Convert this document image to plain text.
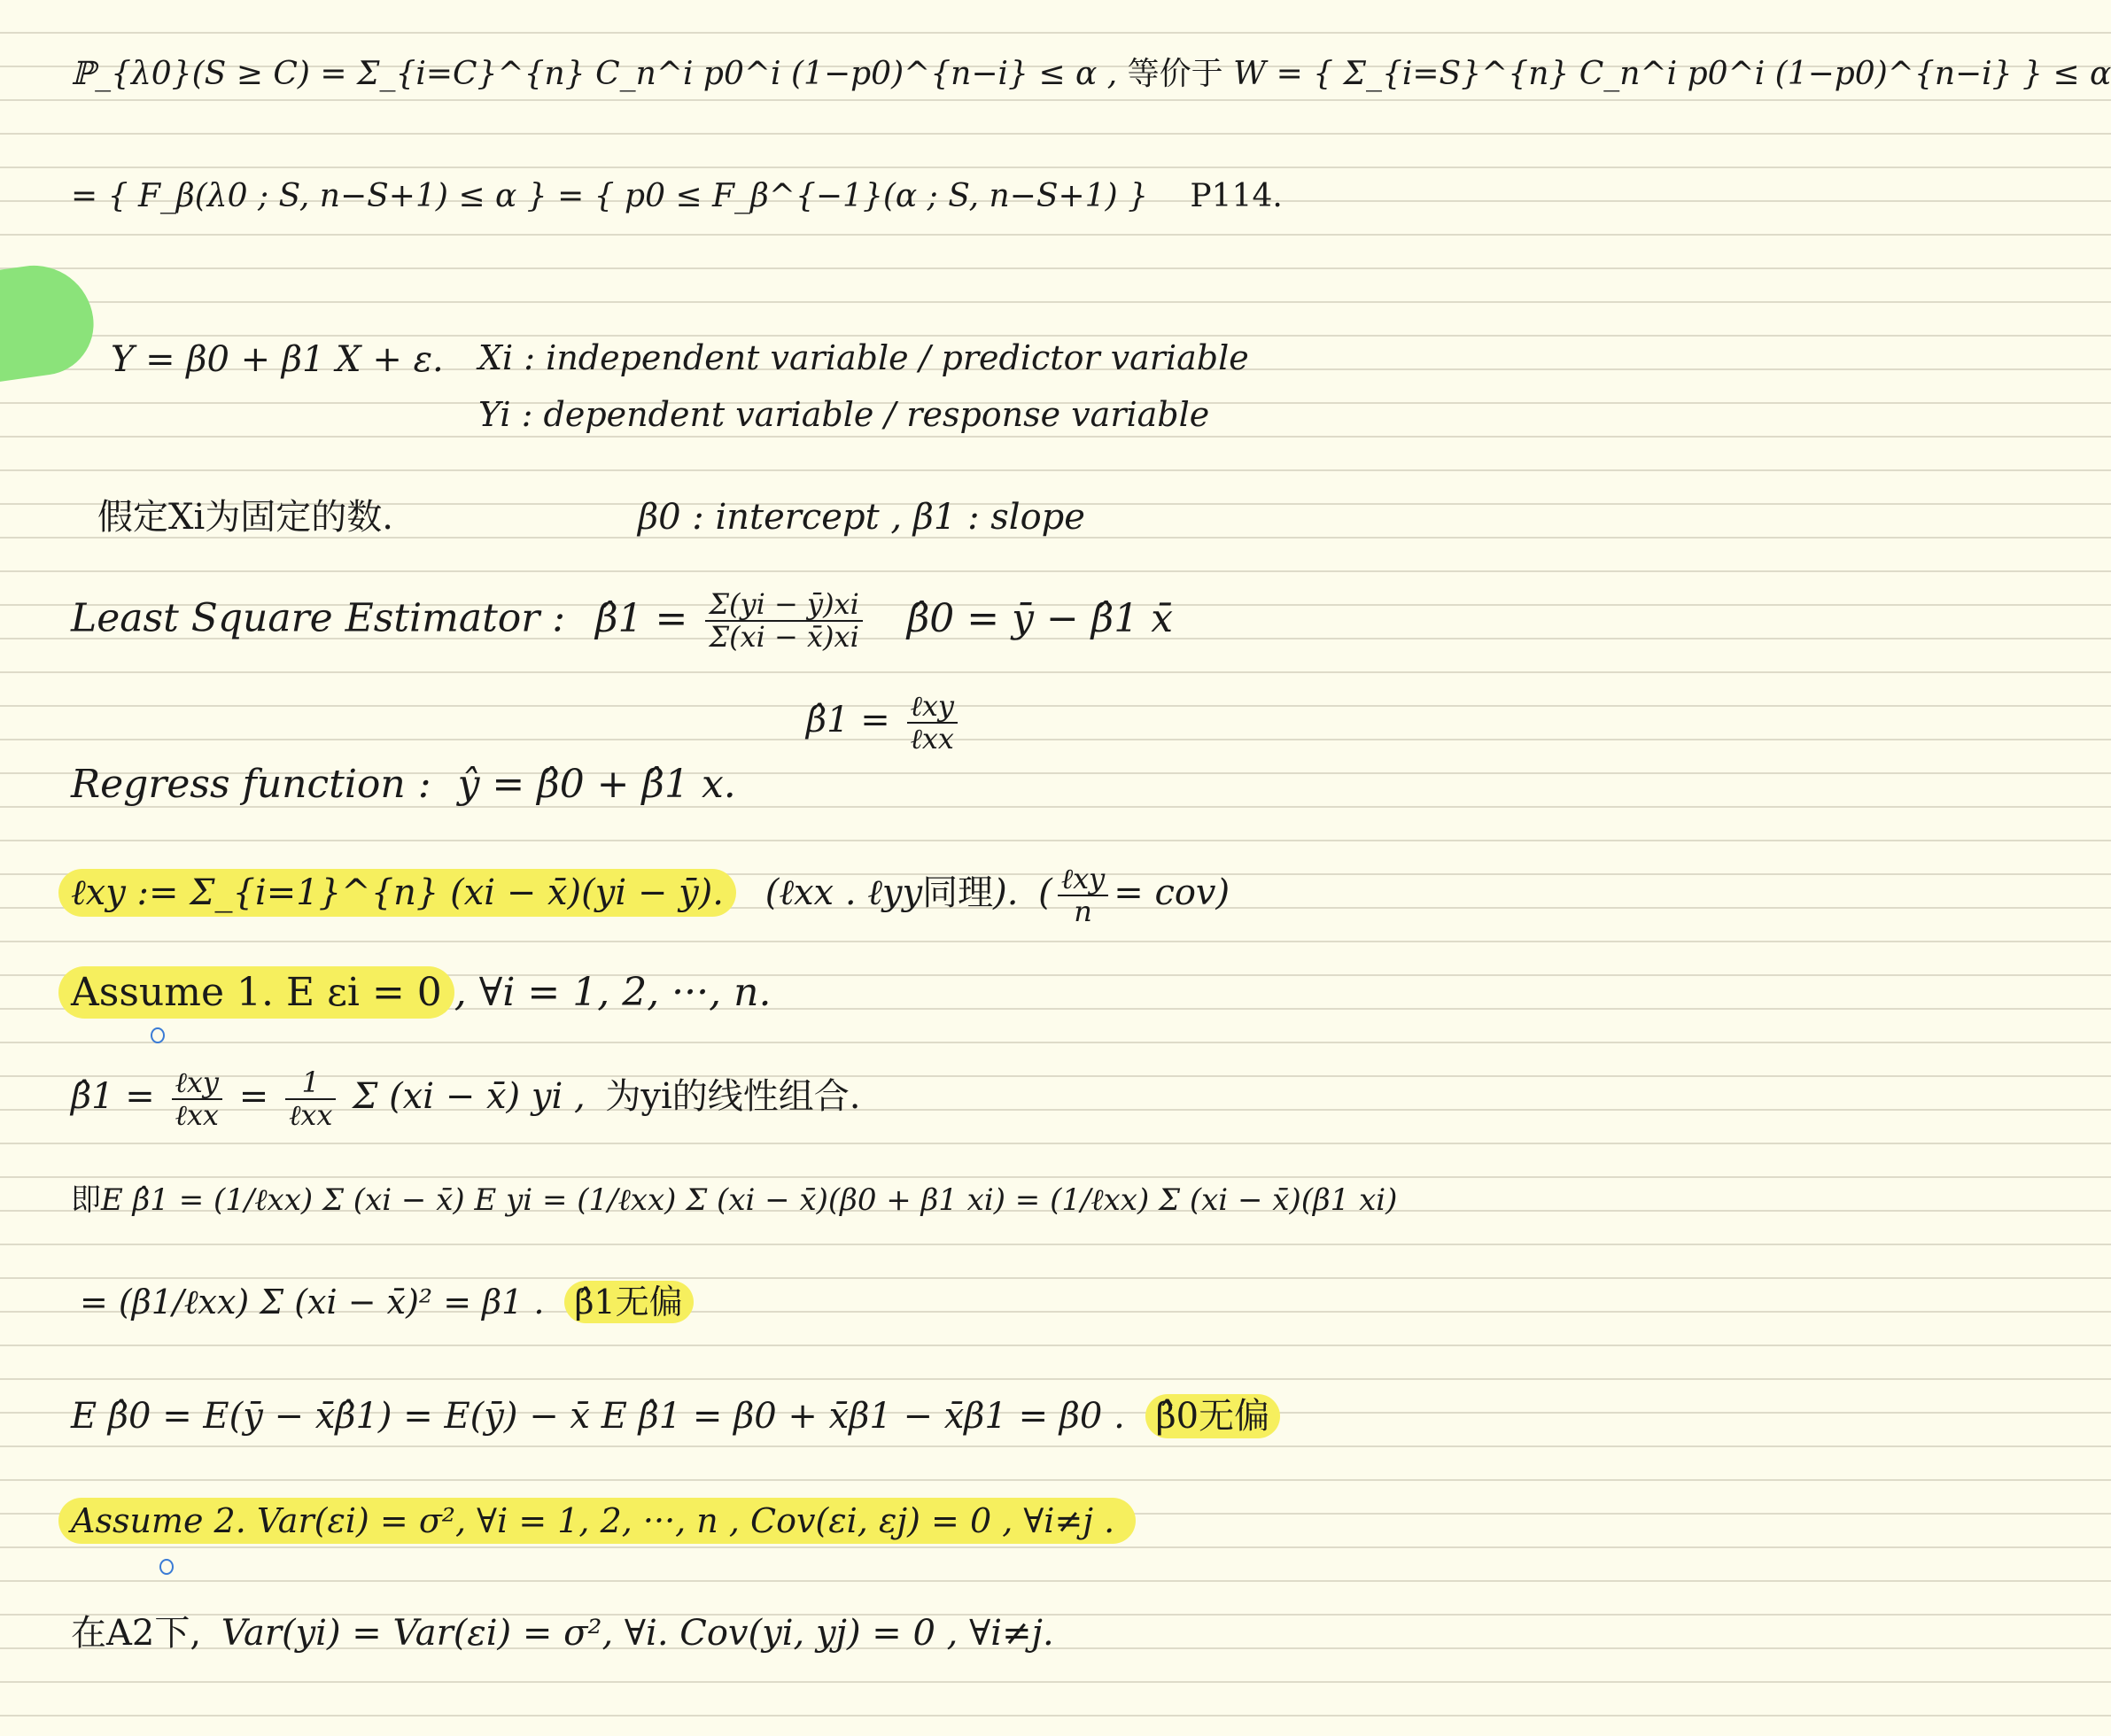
ℙ_{λ0}(S ≥ C) = Σ_{i=C}^{n} C_n^i p0^i (1−p0)^{n−i} ≤ α , 等价于 W = { Σ_{i=S}^{n} C_n^i p0^i (1−p0)^{n−i} } ≤ α
= { F_β(λ0 ; S, n−S+1) ≤ α } = { p0 ≤ F_β^{−1}(α ; S, n−S+1) } P114.
Y = β0 + β1 X + ε. Xi : independent variable / predictor variable
Yi : dependent variable / response variable
假定Xi为固定的数.	β0 : intercept , β1 : slope
Least Square Estimator : β̂1 = $\frac{\Sigma(yi - ȳ)xi}{\Sigma(xi - x̄)xi}$ β̂0 = ȳ − β̂1 x̄
β̂1 = $\frac{\text{ℓxy}}{\text{ℓxx}}$
Regress function : ŷ = β̂0 + β̂1 x.
ℓxy := Σ_{i=1}^{n} (xi − x̄)(yi − ȳ). (ℓxx . ℓyy同理). ( $\frac{\text{ℓxy}}{n} = cov$)
Assume 1. E εi = 0 , ∀i = 1, 2, ···, n.
β̂1 = $\frac{\text{ℓxy}}{\text{ℓxx}} = \frac{1}{\text{ℓxx}}$ Σ (xi − x̄) yi , 为yi的线性组合.
即E β̂1 = (1/ℓxx) Σ (xi − x̄) E yi = (1/ℓxx) Σ (xi − x̄)(β0 + β1 xi) = (1/ℓxx) Σ (xi − x̄)(β1 xi)
= (β1/ℓxx) Σ (xi − x̄)² = β1 . β̂1无偏
E β̂0 = E(ȳ − x̄β̂1) = E(ȳ) − x̄ E β̂1 = β0 + x̄β1 − x̄β1 = β0 . β̂0无偏
Assume 2. Var(εi) = σ², ∀i = 1, 2, ···, n , Cov(εi, εj) = 0 , ∀i≠j .
在A2下, Var(yi) = Var(εi) = σ², ∀i. Cov(yi, yj) = 0 , ∀i≠j.
